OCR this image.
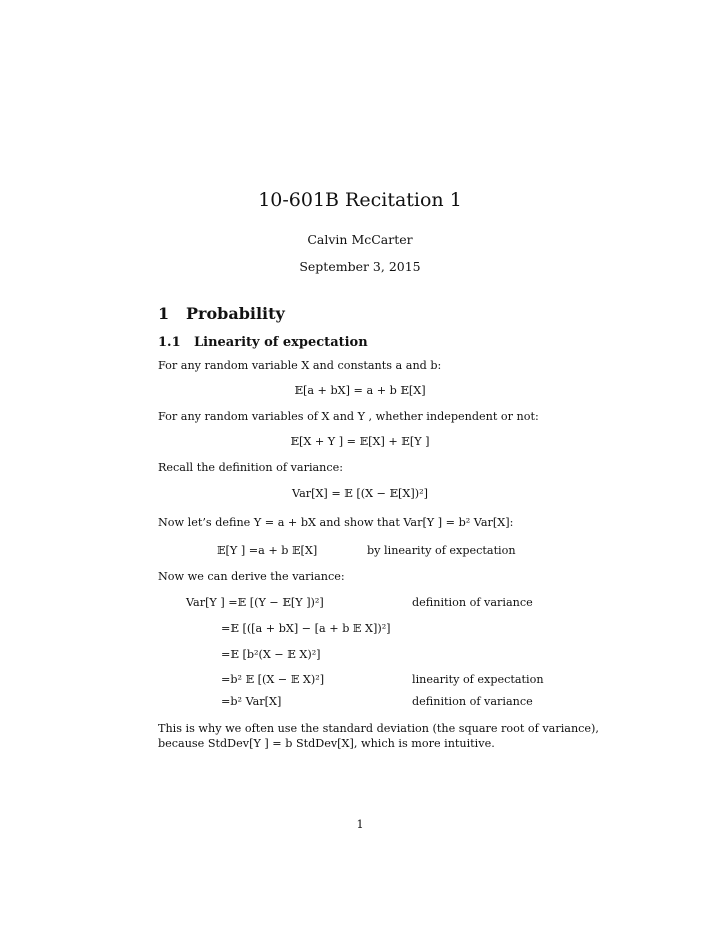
10-601B Recitation 1
Calvin McCarter
September 3, 2015
1 Probability
1.1 Linearity of expectation
For any random variable X and constants a and b:
𝔼[a + bX] = a + b 𝔼[X]
For any random variables of X and Y , whether independent or not:
𝔼[X + Y ] = 𝔼[X] + 𝔼[Y ]
Recall the definition of variance:
Var[X] = 𝔼 [(X − 𝔼[X])²]
Now let’s define Y = a + bX and show that Var[Y ] = b² Var[X]:
𝔼[Y ] =a + b 𝔼[X]	by linearity of expectation
Now we can derive the variance:
Var[Y ] =𝔼 [(Y − 𝔼[Y ])²]	definition of variance
=𝔼 [([a + bX] − [a + b 𝔼 X])²]
=𝔼 [b²(X − 𝔼 X)²]
=b² 𝔼 [(X − 𝔼 X)²]	linearity of expectation
=b² Var[X]	definition of variance
This is why we often use the standard deviation (the square root of variance),
because StdDev[Y ] = b StdDev[X], which is more intuitive.
1
